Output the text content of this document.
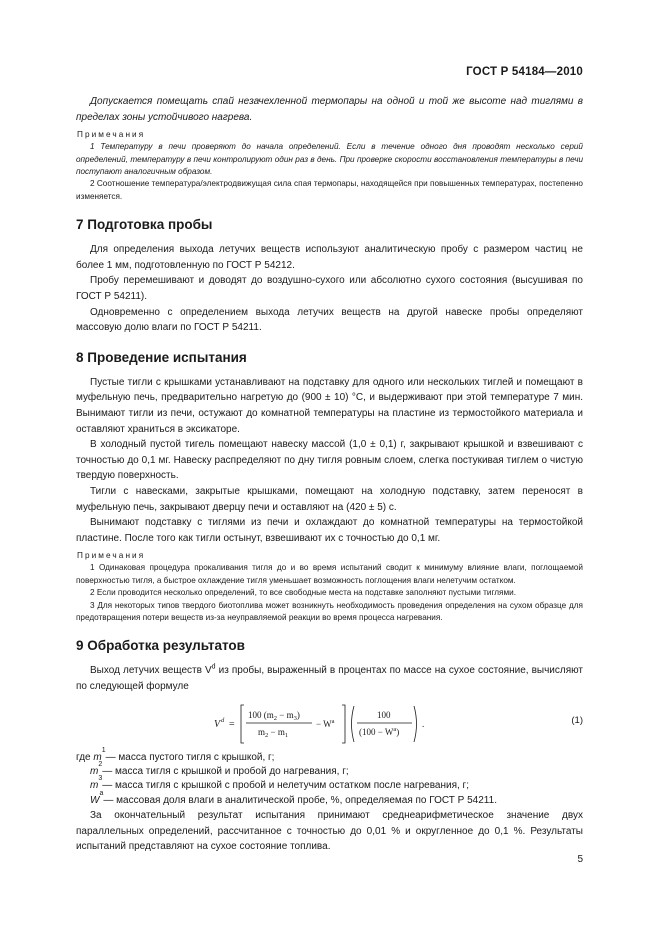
ГОСТ Р 54184—2010

Допускается помещать спай незачехленной термопары на одной и той же высоте над тиглями в пределах зоны устойчивого нагрева.

Примечания

1 Температуру в печи проверяют до начала определений. Если в течение одного дня проводят несколько серий определений, температуру в печи контролируют один раз в день. При проверке скорости восстановления температуры в печи поступают аналогичным образом.

2 Соотношение температура/электродвижущая сила спая термопары, находящейся при повышенных температурах, постепенно изменяется.

7 Подготовка пробы

Для определения выхода летучих веществ используют аналитическую пробу с размером частиц не более 1 мм, подготовленную по ГОСТ Р 54212.

Пробу перемешивают и доводят до воздушно-сухого или абсолютно сухого состояния (высушивая по ГОСТ Р 54211).

Одновременно с определением выхода летучих веществ на другой навеске пробы определяют массовую долю влаги по ГОСТ Р 54211.

8 Проведение испытания

Пустые тигли с крышками устанавливают на подставку для одного или нескольких тиглей и помещают в муфельную печь, предварительно нагретую до (900 ± 10) °С, и выдерживают при этой температуре 7 мин. Вынимают тигли из печи, остужают до комнатной температуры на пластине из термостойкого материала и оставляют храниться в эксикаторе.

В холодный пустой тигель помещают навеску массой (1,0 ± 0,1) г, закрывают крышкой и взвешивают с точностью до 0,1 мг. Навеску распределяют по дну тигля ровным слоем, слегка постукивая тиглем о чистую твердую поверхность.

Тигли с навесками, закрытые крышками, помещают на холодную подставку, затем переносят в муфельную печь, закрывают дверцу печи и оставляют на (420 ± 5) с.

Вынимают подставку с тиглями из печи и охлаждают до комнатной температуры на термостойкой пластине. После того как тигли остынут, взвешивают их с точностью до 0,1 мг.

Примечания

1 Одинаковая процедура прокаливания тигля до и во время испытаний сводит к минимуму влияние влаги, поглощаемой поверхностью тигля, а быстрое охлаждение тигля уменьшает возможность поглощения влаги нелетучим остатком.

2 Если проводится несколько определений, то все свободные места на подставке заполняют пустыми тиглями.

3 Для некоторых типов твердого биотоплива может возникнуть необходимость проведения определения на сухом образце для предотвращения потери веществ из-за неуправляемой реакции во время процесса нагревания.

9 Обработка результатов

Выход летучих веществ $V^d$ из пробы, выраженный в процентах по массе на сухое состояние, вычисляют по следующей формуле

V d =
100 $(m_2 - m_3)$
$m_2 - m_1$
− $W^a$
100
$(100 - W^a)$
.	(1)
где
m
1
— масса пустого тигля с крышкой, г;
m
2
— масса тигля с крышкой и пробой до нагревания, г;
m
3
— масса тигля с крышкой с пробой и нелетучим остатком после нагревания, г;
W
a
— массовая доля влаги в аналитической пробе, %, определяемая по ГОСТ Р 54211.

За окончательный результат испытания принимают среднеарифметическое значение двух параллельных определений, рассчитанное с точностью до 0,01 % и округленное до 0,1 %. Результаты испытаний представляют на сухое состояние топлива.

5
